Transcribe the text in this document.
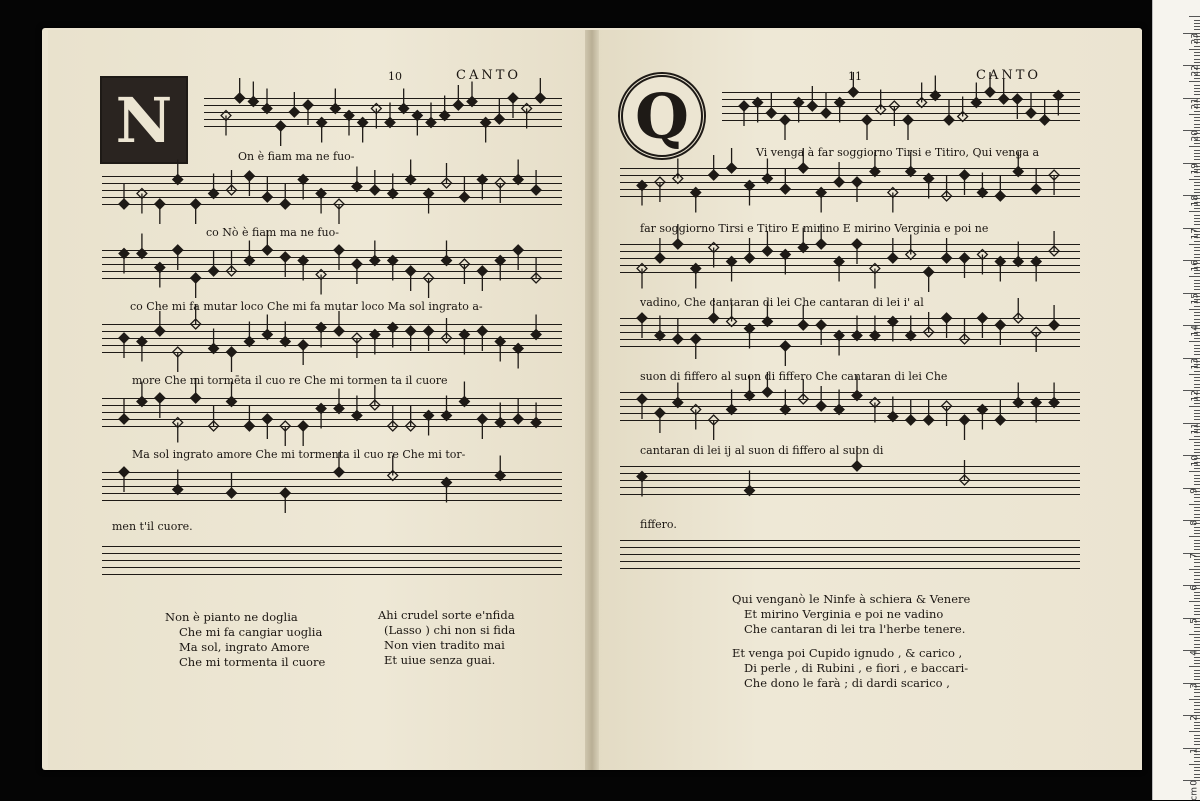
10	CANTO
N	On è fiam ma ne fuo-
co Nò è fiam ma ne fuo-
co Che mi fa mutar loco Che mi fa mutar loco Ma sol ingrato a-
more Che mi tormēta il cuo re Che mi tormen ta il cuore
Ma sol ingrato amore Che mi tormenta il cuo re Che mi tor-
men t'il cuore.
Non è pianto ne doglia
Che mi fa cangiar uoglia
Ma sol, ingrato Amore
Che mi tormenta il cuore
Ahi crudel sorte e'nfida
(Lasso ) chi non si fida
Non vien tradito mai
Et uiue senza guai.
11	CANTO
Q	Vi venga à far soggiorno Tirsi e Titiro, Qui venga a
far soggiorno Tirsi e Titiro E mirino E mirino Verginia e poi ne
vadino, Che cantaran di lei Che cantaran di lei i' al
suon di fiffero al suon di fiffero Che cantaran di lei Che
cantaran di lei ij al suon di fiffero al suon di
fiffero.
Qui venganò le Ninfe à schiera & Venere
Et mirino Verginia e poi ne vadino
Che cantaran di lei tra l'herbe tenere.
Et venga poi Cupido ignudo , & carico ,
Di perle , di Rubini , e fiori , e baccari-
Che dono le farà ; di dardi scarico ,
0
1
2
3
4
5
6
7
8
9
10
11
12
13
14
15
16
17
18
19
20
21
22
23
cm
